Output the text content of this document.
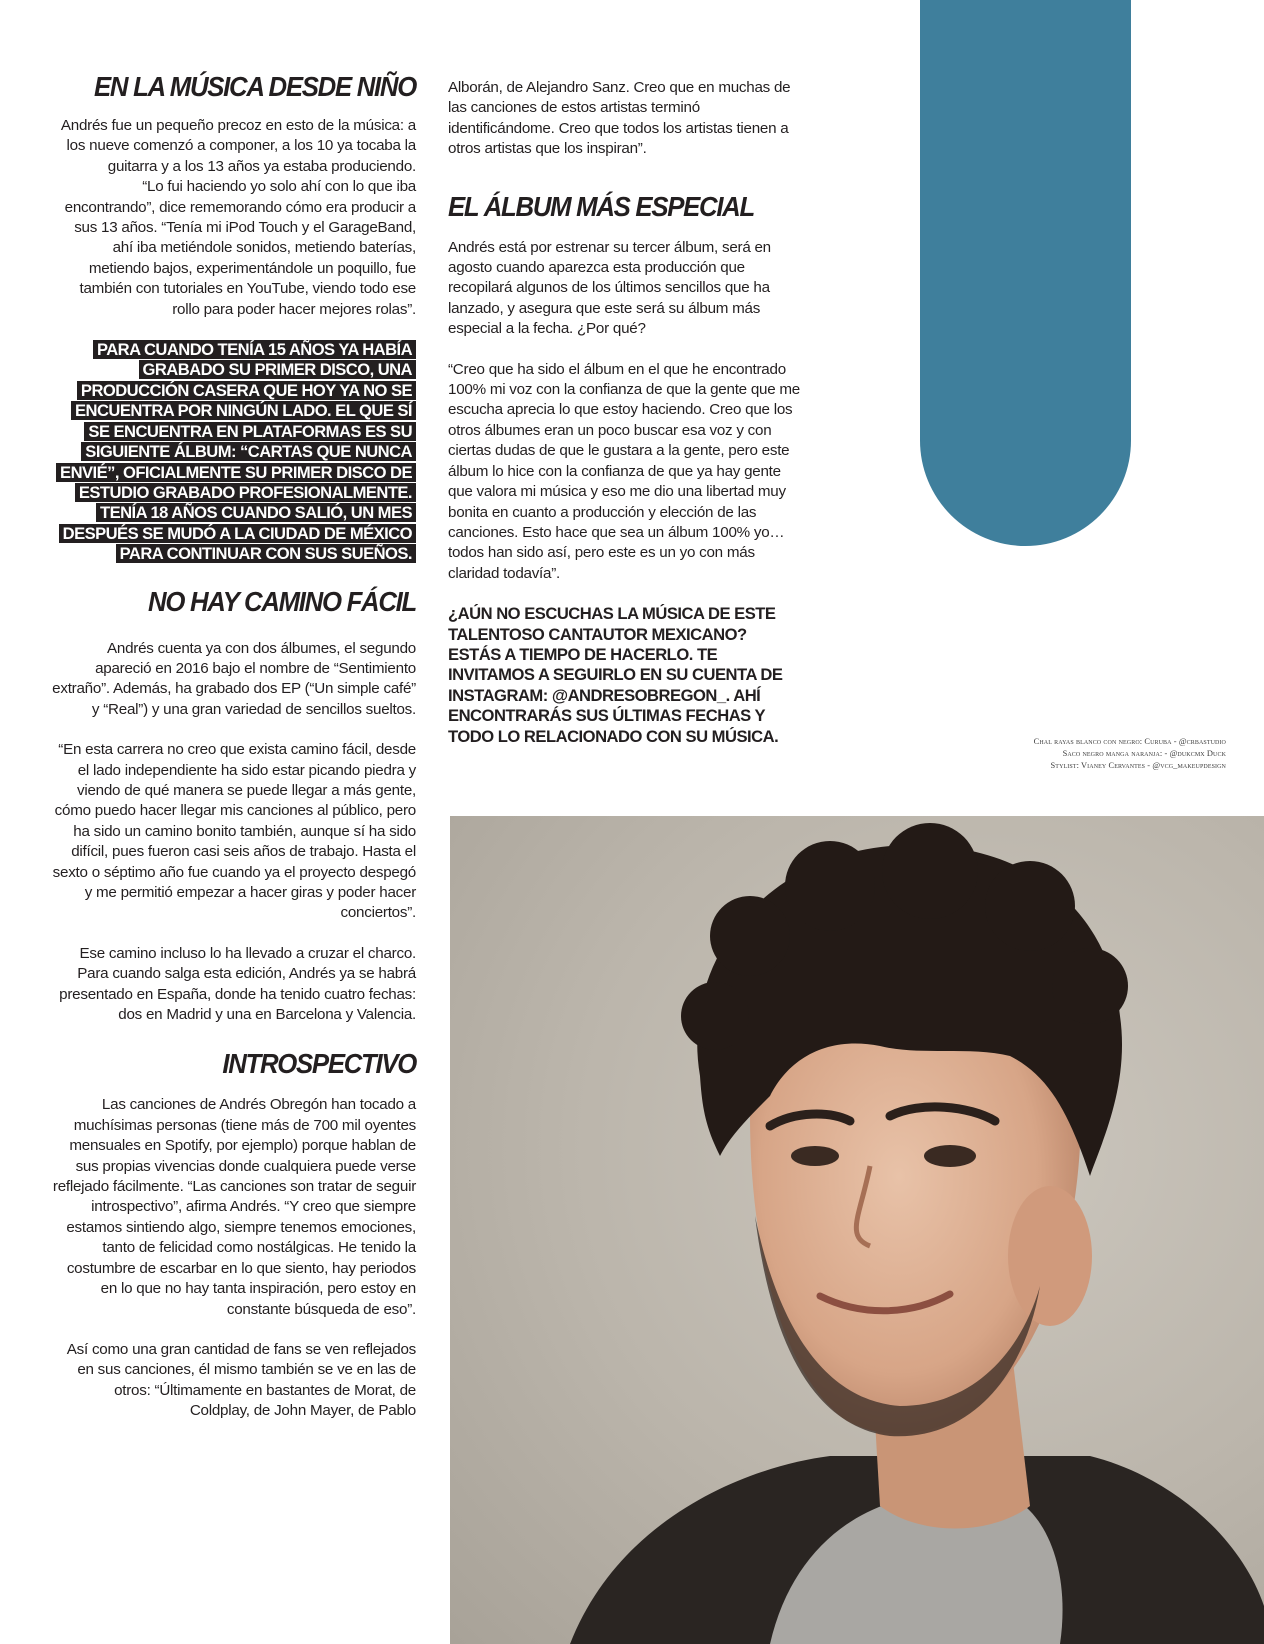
EN LA MÚSICA DESDE NIÑO

Andrés fue un pequeño precoz en esto de la música: a los nueve comenzó a componer, a los 10 ya tocaba la guitarra y a los 13 años ya estaba produciendo.

“Lo fui haciendo yo solo ahí con lo que iba encontrando”, dice rememorando cómo era producir a sus 13 años. “Tenía mi iPod Touch y el GarageBand, ahí iba metiéndole sonidos, metiendo baterías, metiendo bajos, experimentándole un poquillo, fue también con tutoriales en YouTube, viendo todo ese rollo para poder hacer mejores rolas”.

PARA CUANDO TENÍA 15 AÑOS YA HABÍA GRABADO SU PRIMER DISCO, UNA PRODUCCIÓN CASERA QUE HOY YA NO SE ENCUENTRA POR NINGÚN LADO. EL QUE SÍ SE ENCUENTRA EN PLATAFORMAS ES SU SIGUIENTE ÁLBUM: “CARTAS QUE NUNCA ENVIÉ”, OFICIALMENTE SU PRIMER DISCO DE ESTUDIO GRABADO PROFESIONALMENTE. TENÍA 18 AÑOS CUANDO SALIÓ, UN MES DESPUÉS SE MUDÓ A LA CIUDAD DE MÉXICO PARA CONTINUAR CON SUS SUEÑOS.

NO HAY CAMINO FÁCIL

Andrés cuenta ya con dos álbumes, el segundo apareció en 2016 bajo el nombre de “Sentimiento extraño”. Además, ha grabado dos EP (“Un simple café” y “Real”) y una gran variedad de sencillos sueltos.

“En esta carrera no creo que exista camino fácil, desde el lado independiente ha sido estar picando piedra y viendo de qué manera se puede llegar a más gente, cómo puedo hacer llegar mis canciones al público, pero ha sido un camino bonito también, aunque sí ha sido difícil, pues fueron casi seis años de trabajo. Hasta el sexto o séptimo año fue cuando ya el proyecto despegó y me permitió empezar a hacer giras y poder hacer conciertos”.

Ese camino incluso lo ha llevado a cruzar el charco. Para cuando salga esta edición, Andrés ya se habrá presentado en España, donde ha tenido cuatro fechas: dos en Madrid y una en Barcelona y Valencia.

INTROSPECTIVO

Las canciones de Andrés Obregón han tocado a muchísimas personas (tiene más de 700 mil oyentes mensuales en Spotify, por ejemplo) porque hablan de sus propias vivencias donde cualquiera puede verse reflejado fácilmente. “Las canciones son tratar de seguir introspectivo”, afirma Andrés. “Y creo que siempre estamos sintiendo algo, siempre tenemos emociones, tanto de felicidad como nostálgicas. He tenido la costumbre de escarbar en lo que siento, hay periodos en lo que no hay tanta inspiración, pero estoy en constante búsqueda de eso”.

Así como una gran cantidad de fans se ven reflejados en sus canciones, él mismo también se ve en las de otros: “Últimamente en bastantes de Morat, de Coldplay, de John Mayer, de Pablo

Alborán, de Alejandro Sanz. Creo que en muchas de las canciones de estos artistas terminó identificándome. Creo que todos los artistas tienen a otros artistas que los inspiran”.

EL ÁLBUM MÁS ESPECIAL

Andrés está por estrenar su tercer álbum, será en agosto cuando aparezca esta producción que recopilará algunos de los últimos sencillos que ha lanzado, y asegura que este será su álbum más especial a la fecha. ¿Por qué?

“Creo que ha sido el álbum en el que he encontrado 100% mi voz con la confianza de que la gente que me escucha aprecia lo que estoy haciendo. Creo que los otros álbumes eran un poco buscar esa voz y con ciertas dudas de que le gustara a la gente, pero este álbum lo hice con la confianza de que ya hay gente que valora mi música y eso me dio una libertad muy bonita en cuanto a producción y elección de las canciones. Esto hace que sea un álbum 100% yo… todos han sido así, pero este es un yo con más claridad todavía”.

¿AÚN NO ESCUCHAS LA MÚSICA DE ESTE TALENTOSO CANTAUTOR MEXICANO? ESTÁS A TIEMPO DE HACERLO. TE INVITAMOS A SEGUIRLO EN SU CUENTA DE INSTAGRAM: @ANDRESOBREGON_. AHÍ ENCONTRARÁS SUS ÚLTIMAS FECHAS Y TODO LO RELACIONADO CON SU MÚSICA.	Chal rayas blanco con negro: Curuba - @crbastudio
Saco negro manga naranja: - @dukcmx Duck
Stylist: Vianey Cervantes - @vcg_makeupdesign
